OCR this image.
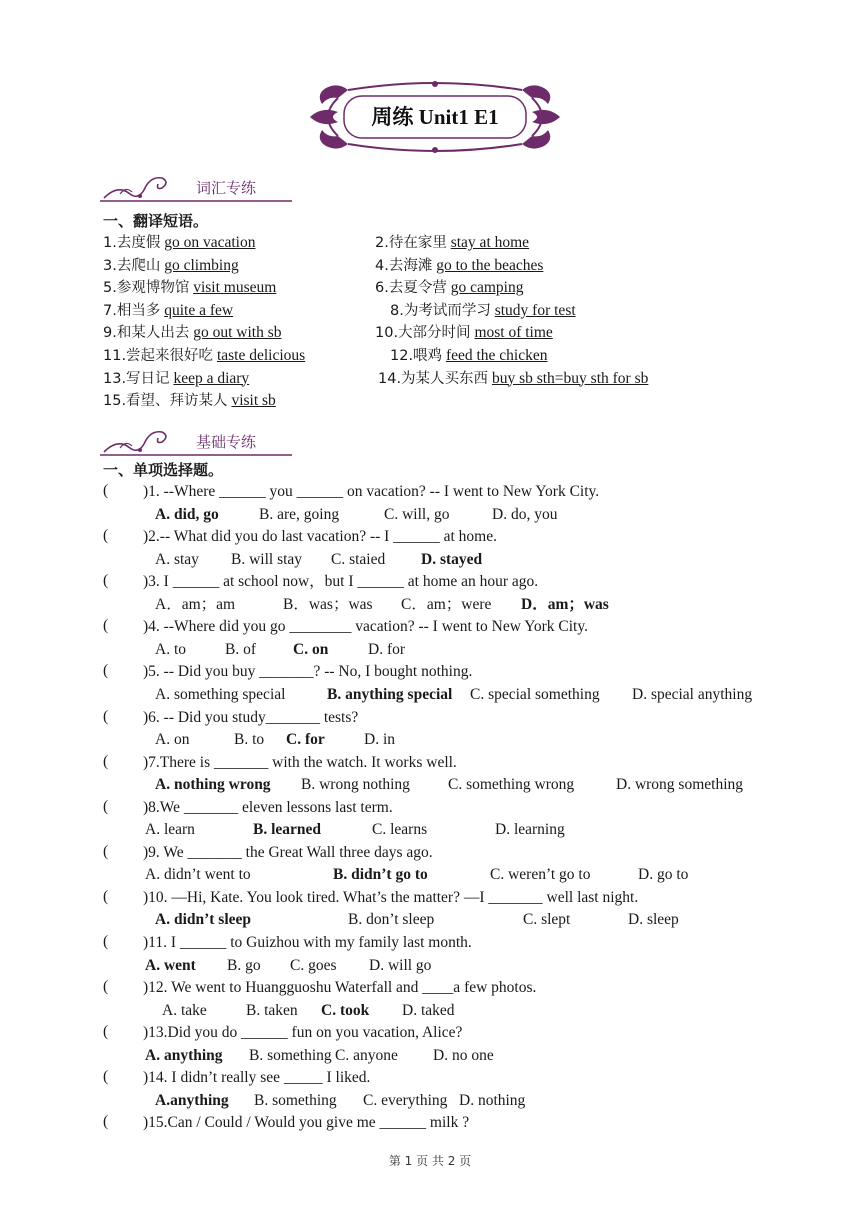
周练 Unit1 E1
词汇专练
一、翻译短语。
1.去度假 go on vacation	2.待在家里 stay at home
3.去爬山 go climbing	4.去海滩 go to the beaches
5.参观博物馆 visit museum	6.去夏令营 go camping
7.相当多 quite a few	8.为考试而学习 study for test
9.和某人出去 go out with sb	10.大部分时间 most of time
11.尝起来很好吃 taste delicious	12.喂鸡 feed the chicken
13.写日记 keep a diary	14.为某人买东西 buy sb sth=buy sth for sb
15.看望、拜访某人 visit sb
基础专练
一、单项选择题。
( )1. --Where ______ you ______ on vacation? -- I went to New York City.
A. did, go	B. are, going	C. will, go	D. do, you
( )2.-- What did you do last vacation? -- I ______ at home.
A. stay B. will stay C. staied D. stayed
( )3. I ______ at school now，but I ______ at home an hour ago.
A．am；am	B．was；was C．am；were D．am；was
( )4. --Where did you go ________ vacation? -- I went to New York City.
A. to	B. of C. on	D. for
( )5. -- Did you buy _______? -- No, I bought nothing.
A. something special	B. anything special C. special something D. special anything
( )6. -- Did you study_______ tests?
A. on	B. to C. for	D. in
( )7.There is _______ with the watch. It works well.
A. nothing wrong B. wrong nothing C. something wrong	D. wrong something
( )8.We _______ eleven lessons last term.
A. learn	B. learned	C. learns	D. learning
( )9. We _______ the Great Wall three days ago.
A. didn’t went to	B. didn’t go to	C. weren’t go to	D. go to
( )10. —Hi, Kate. You look tired. What’s the matter? —I _______ well last night.
A. didn’t sleep	B. don’t sleep	C. slept	D. sleep
( )11. I ______ to Guizhou with my family last month.
A. went B. go C. goes D. will go
( )12. We went to Huangguoshu Waterfall and ____a few photos.
A. take	B. taken C. took D. taked
( )13.Did you do ______ fun on you vacation, Alice?
A. anything B. something C. anyone D. no one
( )14. I didn’t really see _____ I liked.
A.anything B. something C. everything D. nothing
( )15.Can / Could / Would you give me ______ milk ?
第 1 页 共 2 页
